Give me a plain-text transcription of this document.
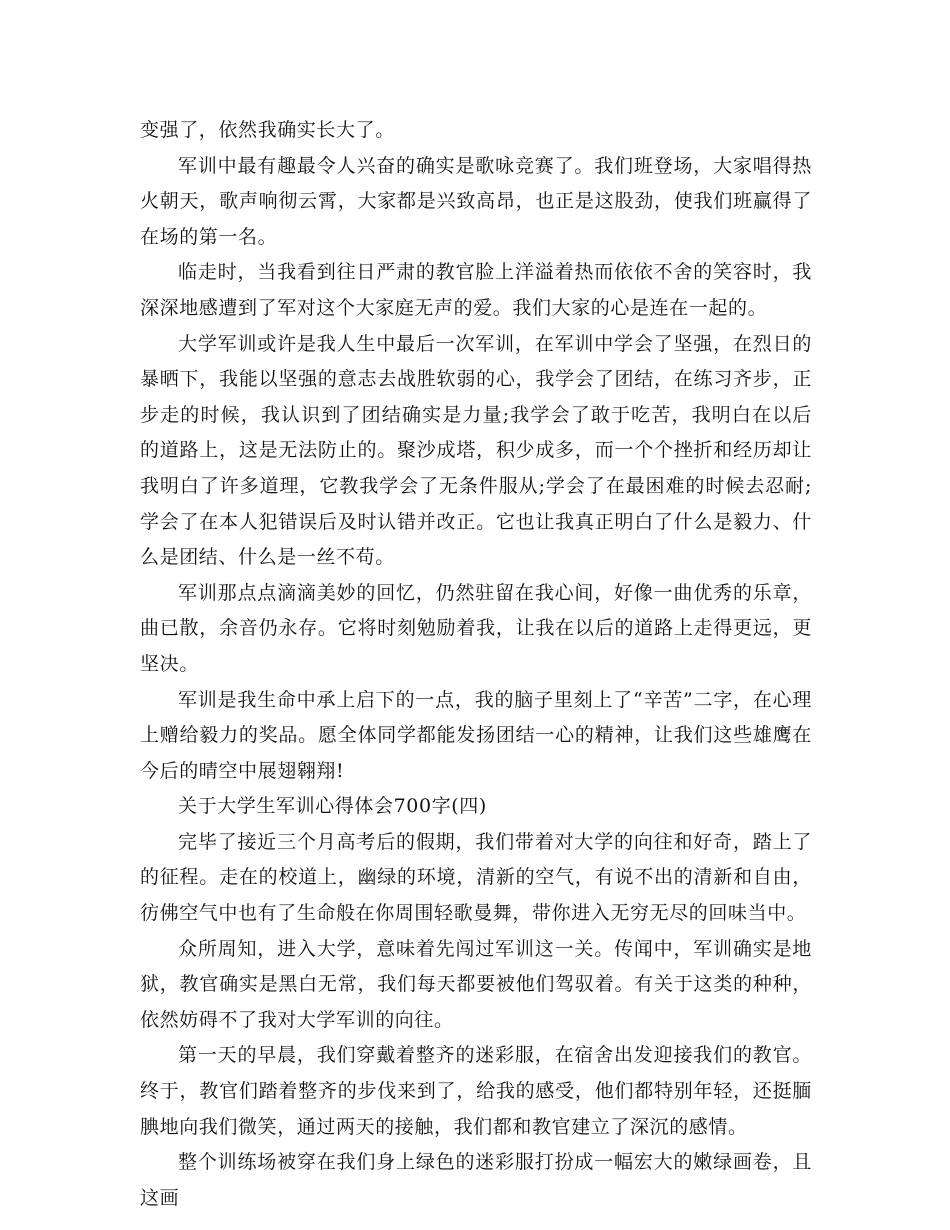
变强了，依然我确实长大了。

军训中最有趣最令人兴奋的确实是歌咏竞赛了。我们班登场，大家唱得热火朝天，歌声响彻云霄，大家都是兴致高昂，也正是这股劲，使我们班赢得了在场的第一名。

临走时，当我看到往日严肃的教官脸上洋溢着热而依依不舍的笑容时，我深深地感遭到了军对这个大家庭无声的爱。我们大家的心是连在一起的。

大学军训或许是我人生中最后一次军训，在军训中学会了坚强，在烈日的暴晒下，我能以坚强的意志去战胜软弱的心，我学会了团结，在练习齐步，正步走的时候，我认识到了团结确实是力量;我学会了敢于吃苦，我明白在以后的道路上，这是无法防止的。聚沙成塔，积少成多，而一个个挫折和经历却让我明白了许多道理，它教我学会了无条件服从;学会了在最困难的时候去忍耐;学会了在本人犯错误后及时认错并改正。它也让我真正明白了什么是毅力、什么是团结、什么是一丝不苟。

军训那点点滴滴美妙的回忆，仍然驻留在我心间，好像一曲优秀的乐章，曲已散，余音仍永存。它将时刻勉励着我，让我在以后的道路上走得更远，更坚决。

军训是我生命中承上启下的一点，我的脑子里刻上了“辛苦”二字，在心理上赠给毅力的奖品。愿全体同学都能发扬团结一心的精神，让我们这些雄鹰在今后的晴空中展翅翱翔!

关于大学生军训心得体会700字(四)

完毕了接近三个月高考后的假期，我们带着对大学的向往和好奇，踏上了的征程。走在的校道上，幽绿的环境，清新的空气，有说不出的清新和自由，彷佛空气中也有了生命般在你周围轻歌曼舞，带你进入无穷无尽的回味当中。

众所周知，进入大学，意味着先闯过军训这一关。传闻中，军训确实是地狱，教官确实是黑白无常，我们每天都要被他们驾驭着。有关于这类的种种，依然妨碍不了我对大学军训的向往。

第一天的早晨，我们穿戴着整齐的迷彩服，在宿舍出发迎接我们的教官。终于，教官们踏着整齐的步伐来到了，给我的感受，他们都特别年轻，还挺腼腆地向我们微笑，通过两天的接触，我们都和教官建立了深沉的感情。

整个训练场被穿在我们身上绿色的迷彩服打扮成一幅宏大的嫩绿画卷，且这画
